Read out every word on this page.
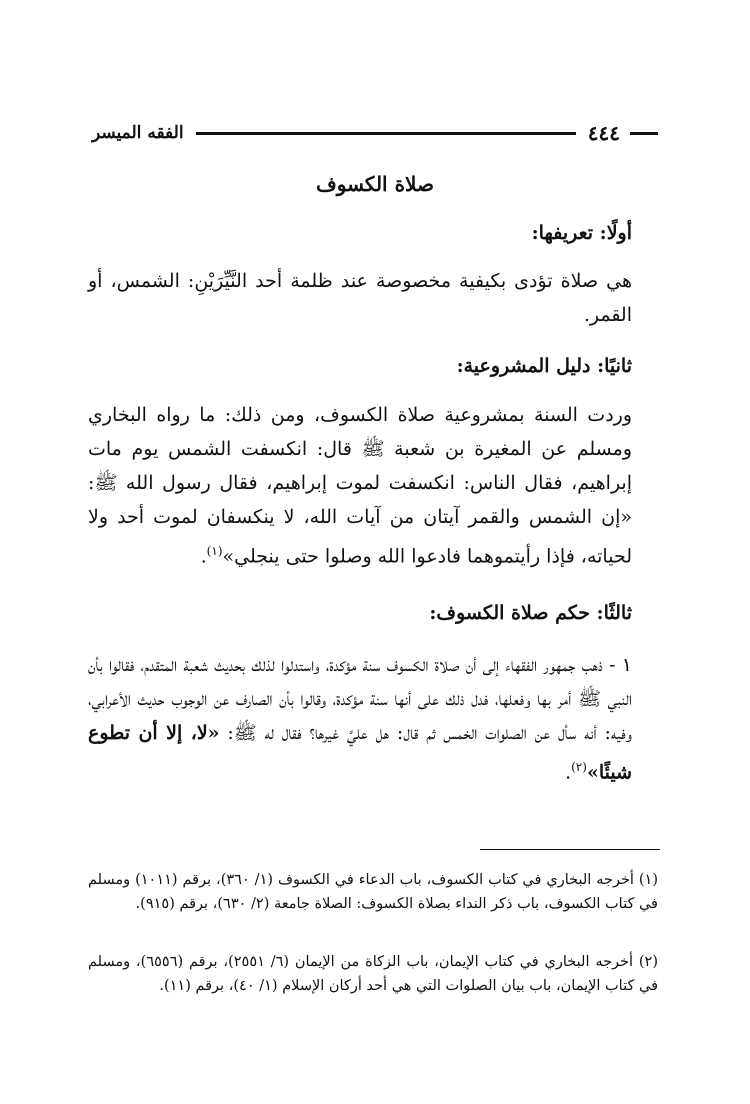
٤٤٤
الفقه الميسر
صلاة الكسوف
أولًا: تعريفها:

هي صلاة تؤدى بكيفية مخصوصة عند ظلمة أحد النَّيِّرَيْنِ: الشمس، أو القمر.

ثانيًا: دليل المشروعية:

وردت السنة بمشروعية صلاة الكسوف، ومن ذلك: ما رواه البخاري ومسلم عن المغيرة بن شعبة ﷺ قال: انكسفت الشمس يوم مات إبراهيم، فقال الناس: انكسفت لموت إبراهيم، فقال رسول الله ﷺ: «إن الشمس والقمر آيتان من آيات الله، لا ينكسفان لموت أحد ولا لحياته، فإذا رأيتموهما فادعوا الله وصلوا حتى ينجلي»$^{(١)}$.

ثالثًا: حكم صلاة الكسوف:

١ - ذهب جمهور الفقهاء إلى أن صلاة الكسوف سنة مؤكدة، واستدلوا لذلك بحديث شعبة المتقدم، فقالوا بأن النبي ﷺ أمر بها وفعلها، فدل ذلك على أنها سنة مؤكدة، وقالوا بأن الصارف عن الوجوب حديث الأعرابي، وفيه: أنه سأل عن الصلوات الخمس ثم قال: هل عليَّ غيرها؟ فقال له ﷺ: «لا، إلا أن تطوع شيئًا»$^{(٢)}$.

(١) أخرجه البخاري في كتاب الكسوف، باب الدعاء في الكسوف (١/ ٣٦٠)، برقم (١٠١١) ومسلم في كتاب الكسوف، باب ذكر النداء بصلاة الكسوف: الصلاة جامعة (٢/ ٦٣٠)، برقم (٩١٥).

(٢) أخرجه البخاري في كتاب الإيمان، باب الزكاة من الإيمان (٦/ ٢٥٥١)، برقم (٦٥٥٦)، ومسلم في كتاب الإيمان، باب بيان الصلوات التي هي أحد أركان الإسلام (١/ ٤٠)، برقم (١١).
